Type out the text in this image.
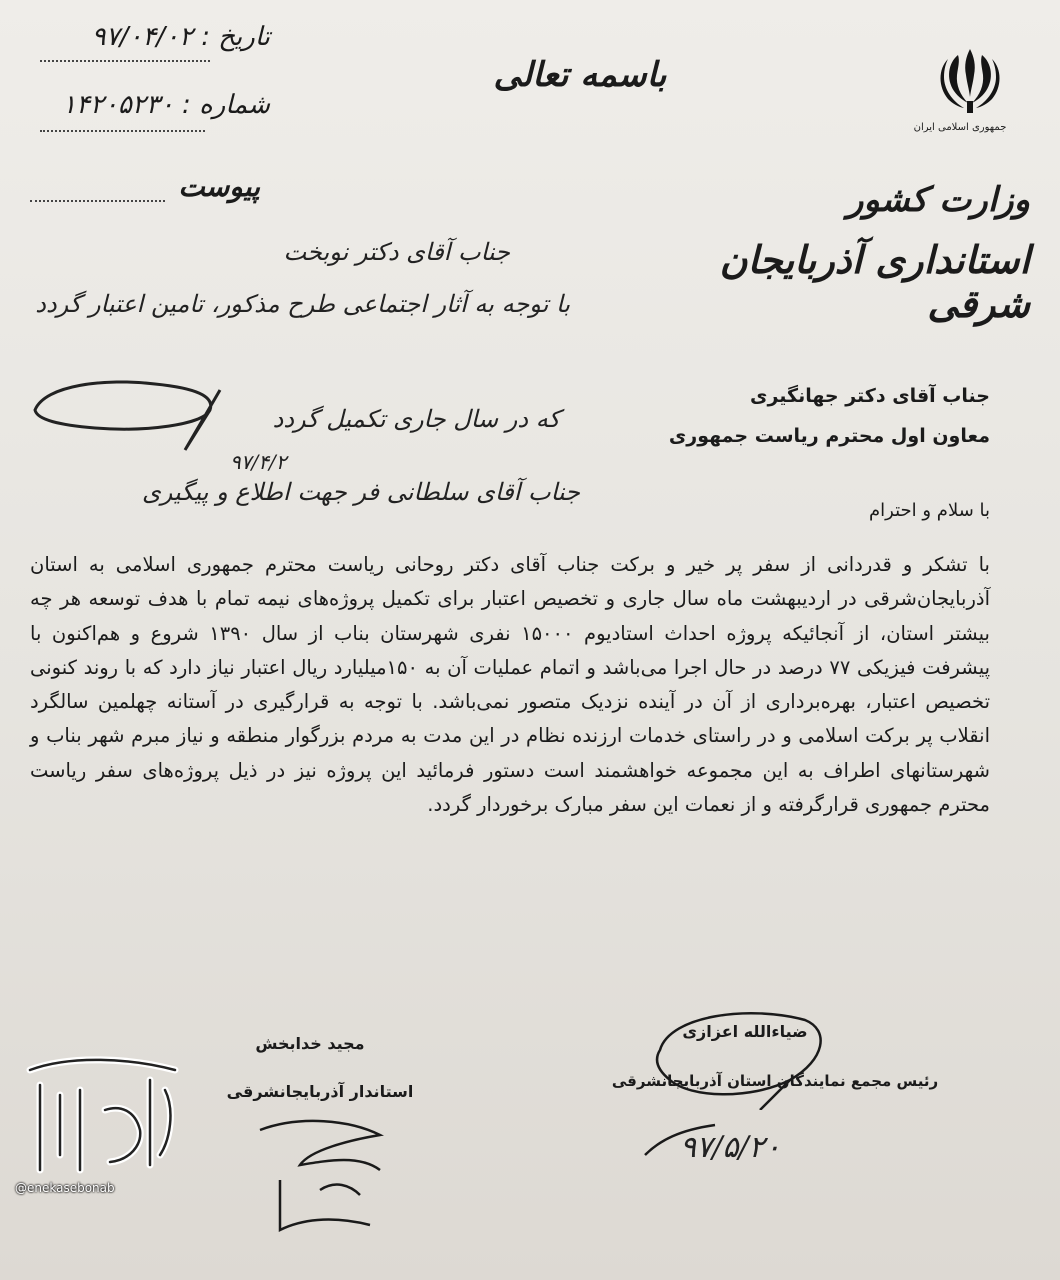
باسمه تعالی
تاریخ : ۹۷/۰۴/۰۲
شماره : ۱۴۲۰۵۲۳۰
پیوست
جمهوری اسلامی ایران
وزارت کشور
استانداری آذربایجان شرقی
جناب آقای دکتر نوبخت
با توجه به آثار اجتماعی طرح مذکور، تامین اعتبار گردد
که در سال جاری تکمیل گردد
۹۷/۴/۲
جناب آقای سلطانی فر جهت اطلاع و پیگیری
جناب آقای دکتر جهانگیری
معاون اول محترم ریاست جمهوری
با سلام و احترام
با تشکر و قدردانی از سفر پر خیر و برکت جناب آقای دکتر روحانی ریاست محترم جمهوری اسلامی به استان آذربایجان‌شرقی در اردیبهشت ماه سال جاری و تخصیص اعتبار برای تکمیل پروژه‌های نیمه تمام با هدف توسعه هر چه بیشتر استان، از آنجائیکه پروژه احداث استادیوم ۱۵۰۰۰ نفری شهرستان بناب از سال ۱۳۹۰ شروع و هم‌اکنون با پیشرفت فیزیکی ۷۷ درصد در حال اجرا می‌باشد و اتمام عملیات آن به ۱۵۰میلیارد ریال اعتبار نیاز دارد که با روند کنونی تخصیص اعتبار، بهره‌برداری از آن در آینده نزدیک متصور نمی‌باشد. با توجه به قرارگیری در آستانه چهلمین سالگرد انقلاب پر برکت اسلامی و در راستای خدمات ارزنده نظام در این مدت به مردم بزرگوار منطقه و نیاز مبرم شهر بناب و شهرستانهای اطراف به این مجموعه خواهشمند است دستور فرمائید این پروژه نیز در ذیل پروژه‌های سفر ریاست محترم جمهوری قرارگرفته و از نعمات این سفر مبارک برخوردار گردد.
مجید خدابخش
استاندار آذربایجانشرقی
ضیاءالله اعزازی
رئیس مجمع نمایندگان استان آذربایجانشرقی
۹۷/۵/۲۰
@enekasebonab
